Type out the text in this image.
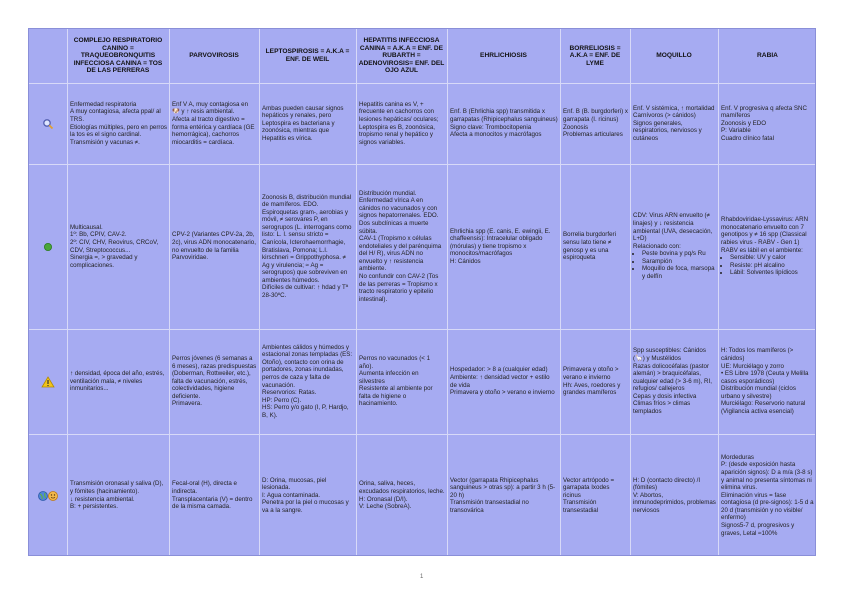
COMPLEJO RESPIRATORIO CANINO = TRAQUEOBRONQUITIS INFECCIOSA CANINA = TOS DE LAS PERRERAS
PARVOVIROSIS
LEPTOSPIROSIS = A.K.A = ENF. DE WEIL
HEPATITIS INFECCIOSA CANINA = A.K.A = ENF. DE RUBARTH = ADENOVIROSIS= ENF. DEL OJO AZUL
EHRLICHIOSIS
BORRELIOSIS = A.K.A = ENF. DE LYME
MOQUILLO	RABIA

Enfermedad respiratoria
A muy contagiosa, afecta ppal/ al TRS.
Etiologías múltiples, pero en perros la tos es el signo cardinal.
Transmisión y vacunas ≠.

Enf V A, muy contagiosa en 🐶 y ↑ resis ambiental.
Afecta al tracto digestivo = forma entérica y cardíaca (GE hemorrágica), cachorros miocarditis = cardíaca.

Ambas pueden causar signos hepáticos y renales, pero Leptospira es bacteriana y zoonósica, mientras que Hepatitis es vírica.

Hepatitis canina es V, + frecuente en cachorros con lesiones hepáticas/ oculares; Leptospira es B, zoonósica, tropismo renal y hepático y signos variables.

Enf. B (Ehrlichia spp) transmitida x garrapatas (Rhipicephalus sanguineus)
Signo clave: Trombocitopenia
Afecta a monocitos y macrófagos

Enf. B (B. burgdorferi) x garrapata (I. ricinus)
Zoonosis
Problemas articulares

Enf. V sistémica, ↑ mortalidad
Carnívoros (> cánidos)
Signos generales, respiratorios, nerviosos y cutáneos

Enf. V progresiva q afecta SNC mamíferos
Zoonosis y EDO
P: Variable
Cuadro clínico fatal

Multicausal.
1º: Bb, CPIV, CAV-2.
2º: CIV, CHV, Reovirus, CRCoV, CDV, Streptococcus...
Sinergia =, > gravedad y complicaciones.

CPV-2 (Variantes CPV-2a, 2b, 2c), virus ADN monocatenario, no envuelto de la familia Parvoviridae.

Zoonosis B, distribución mundial de mamíferos. EDO.
Espiroquetas gram-, aerobias y móvil, ≠ serovares P, en serogrupos (L. interrogans como listo: L. I. sensu stricto = Canícola, Icterohaemorrhagie, Bratislava, Pomona; L.I. kirschneri = Grippothyphosa. ≠ Ag y virulencia; ≈ Ag = serogrupos) que sobreviven en ambientes húmedos.
Difíciles de cultivar: ↑ hdad y Tª 28-30ºC.

Distribución mundial. Enfermedad vírica A en cánidos no vacunados y con signos hepatorrenales. EDO.
Dos subclínicas a muerte súbita.
CAV-1 (Tropismo x células endoteliales y del parénquima del H/ R), virus ADN no envuelto y ↑ resistencia ambiente.
No confundir con CAV-2 (Tos de las perreras = Tropismo x tracto respiratorio y epitelio intestinal).

Ehrlichia spp (E. canis, E. ewingii, E. chaffeensis): Intracelular obligado (mórulas) y tiene tropismo x monocitos/macrófagos
H: Cánidos

Borrelia burgdorferi sensu lato tiene ≠ genosp y es una espiroqueta

CDV: Virus ARN envuelto (≠ linajes) y ↓ resistencia ambiental (UVA, desecación, L+D)
Relacionado con:

• Peste bovina y pq/s Ru
• Sarampión
• Moquillo de foca, marsopa y delfín

Rhabdoviridae-Lyssavirus: ARN monocatenario envuelto con 7 genotipos y ≠ 16 spp (Classical rabies virus - RABV - Gen 1)
RABV es lábil en el ambiente:

• Sensible: UV y calor
• Resiste: pH alcalino
• Lábil: Solventes lipídicos

↑ densidad, época del año, estrés, ventilación mala, ≠ niveles inmunitarios...

Perros jóvenes (6 semanas a 6 meses), razas predispuestas (Doberman, Rottweiler, etc.), falta de vacunación, estrés, colectividades, higiene deficiente.
Primavera.

Ambientes cálidos y húmedos y estacional zonas templadas (ES: Otoño), contacto con orina de portadores, zonas inundadas, perros de caza y falta de vacunación.
Reservorios: Ratas.
HP: Perro (C).
HS: Perro y/o gato (I, P, Hardjo, B, K).

Perros no vacunados (< 1 año).
Aumenta infección en silvestres
Resistente al ambiente por falta de higiene o hacinamiento.

Hospedador: > 8 a (cualquier edad)
Ambiente: ↑ densidad vector + estilo de vida
Primavera y otoño > verano e invierno

Primavera y otoño > verano e invierno
Hh: Aves, roedores y grandes mamíferos

Spp susceptibles: Cánidos (🦙) y Mustélidos
Razas dolicocéfalas (pastor alemán) > braquicéfalas, cualquier edad (> 3-6 m), RI, refugios/ callejeros
Cepas y dosis infectiva
Climas fríos > climas templados

H: Todos los mamíferos (> cánidos)
UE: Murciélago y zorro
• ES Libre 1978 (Ceuta y Melilla casos esporádicos)
Distribución mundial (ciclos urbano y silvestre)
Murciélago: Reservorio natural (Vigilancia activa esencial)

Transmisión oronasal y saliva (D), y fómites (hacinamiento).
↓ resistencia ambiental.
B: + persistentes.

Fecal-oral (H), directa e indirecta.
Transplacentaria (V) = dentro de la misma camada.

D: Orina, mucosas, piel lesionada.
I: Agua contaminada.
Penetra por la piel o mucosas y va a la sangre.

Orina, saliva, heces, excudados respiratorios, leche.
H: Oronasal (D/I).
V: Leche (SobreA).

Vector (garrapata Rhipicephalus sanguineus > otras sp): a partir 3 h (5-20 h)
Transmisión transestadial no transovárica

Vector artrópodo = garrapata Ixodes ricinus
Transmisión transestadial

H: D (contacto directo) /I (fómites)
V: Abortos, inmunodeprimidos, problemas nerviosos

Mordeduras
P: (desde exposición hasta aparición signos): D a m/a (3-8 s) y animal no presenta síntomas ni elimina virus.
Eliminación virus = fase contagiosa (d pre-signos): 1-5 d a 20 d (transmisión y no visible/ enfermo)
Signos5-7 d, progresivos y graves, Letal ≈100%

1
